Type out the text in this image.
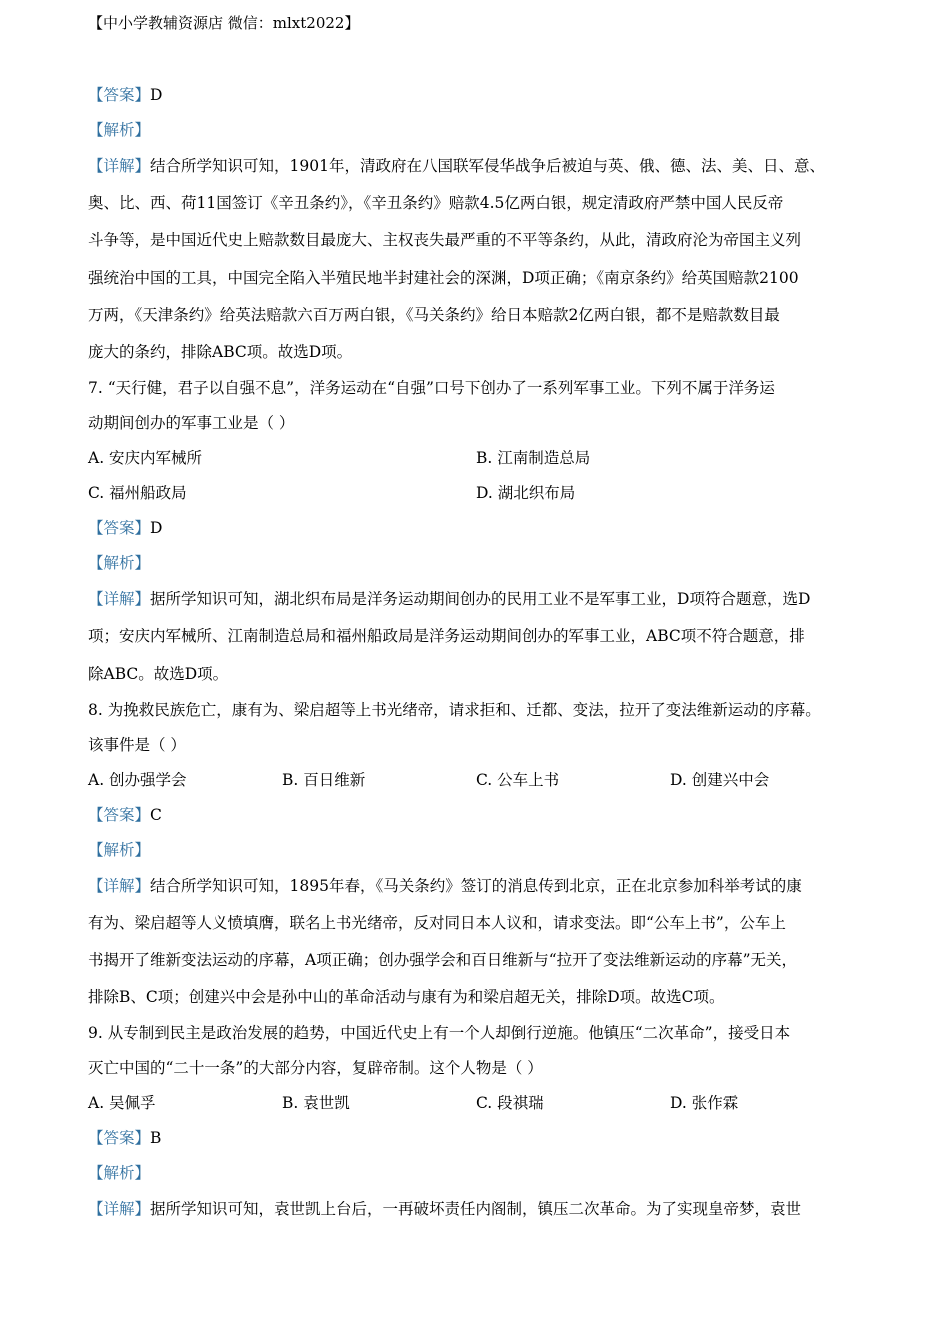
【中小学教辅资源店 微信：mlxt2022】
【答案】D
【解析】
【详解】结合所学知识可知，1901年，清政府在八国联军侵华战争后被迫与英、俄、德、法、美、日、意、
奥、比、西、荷11国签订《辛丑条约》，《辛丑条约》赔款4.5亿两白银，规定清政府严禁中国人民反帝
斗争等，是中国近代史上赔款数目最庞大、主权丧失最严重的不平等条约，从此，清政府沦为帝国主义列
强统治中国的工具，中国完全陷入半殖民地半封建社会的深渊，D项正确；《南京条约》给英国赔款2100
万两，《天津条约》给英法赔款六百万两白银，《马关条约》给日本赔款2亿两白银，都不是赔款数目最
庞大的条约，排除ABC项。故选D项。
7. “天行健，君子以自强不息”，洋务运动在“自强”口号下创办了一系列军事工业。下列不属于洋务运
动期间创办的军事工业是（ ）
A. 安庆内军械所	B. 江南制造总局
C. 福州船政局	D. 湖北织布局
【答案】D
【解析】
【详解】据所学知识可知，湖北织布局是洋务运动期间创办的民用工业不是军事工业，D项符合题意，选D
项；安庆内军械所、江南制造总局和福州船政局是洋务运动期间创办的军事工业，ABC项不符合题意，排
除ABC。故选D项。
8. 为挽救民族危亡，康有为、梁启超等上书光绪帝，请求拒和、迁都、变法，拉开了变法维新运动的序幕。
该事件是（ ）
A. 创办强学会	B. 百日维新	C. 公车上书	D. 创建兴中会
【答案】C
【解析】
【详解】结合所学知识可知，1895年春，《马关条约》签订的消息传到北京，正在北京参加科举考试的康
有为、梁启超等人义愤填膺，联名上书光绪帝，反对同日本人议和，请求变法。即“公车上书”，公车上
书揭开了维新变法运动的序幕，A项正确；创办强学会和百日维新与“拉开了变法维新运动的序幕”无关，
排除B、C项；创建兴中会是孙中山的革命活动与康有为和梁启超无关，排除D项。故选C项。
9. 从专制到民主是政治发展的趋势，中国近代史上有一个人却倒行逆施。他镇压“二次革命”，接受日本
灭亡中国的“二十一条”的大部分内容，复辟帝制。这个人物是（ ）
A. 吴佩孚	B. 袁世凯	C. 段祺瑞	D. 张作霖
【答案】B
【解析】
【详解】据所学知识可知，袁世凯上台后，一再破坏责任内阁制，镇压二次革命。为了实现皇帝梦，袁世
